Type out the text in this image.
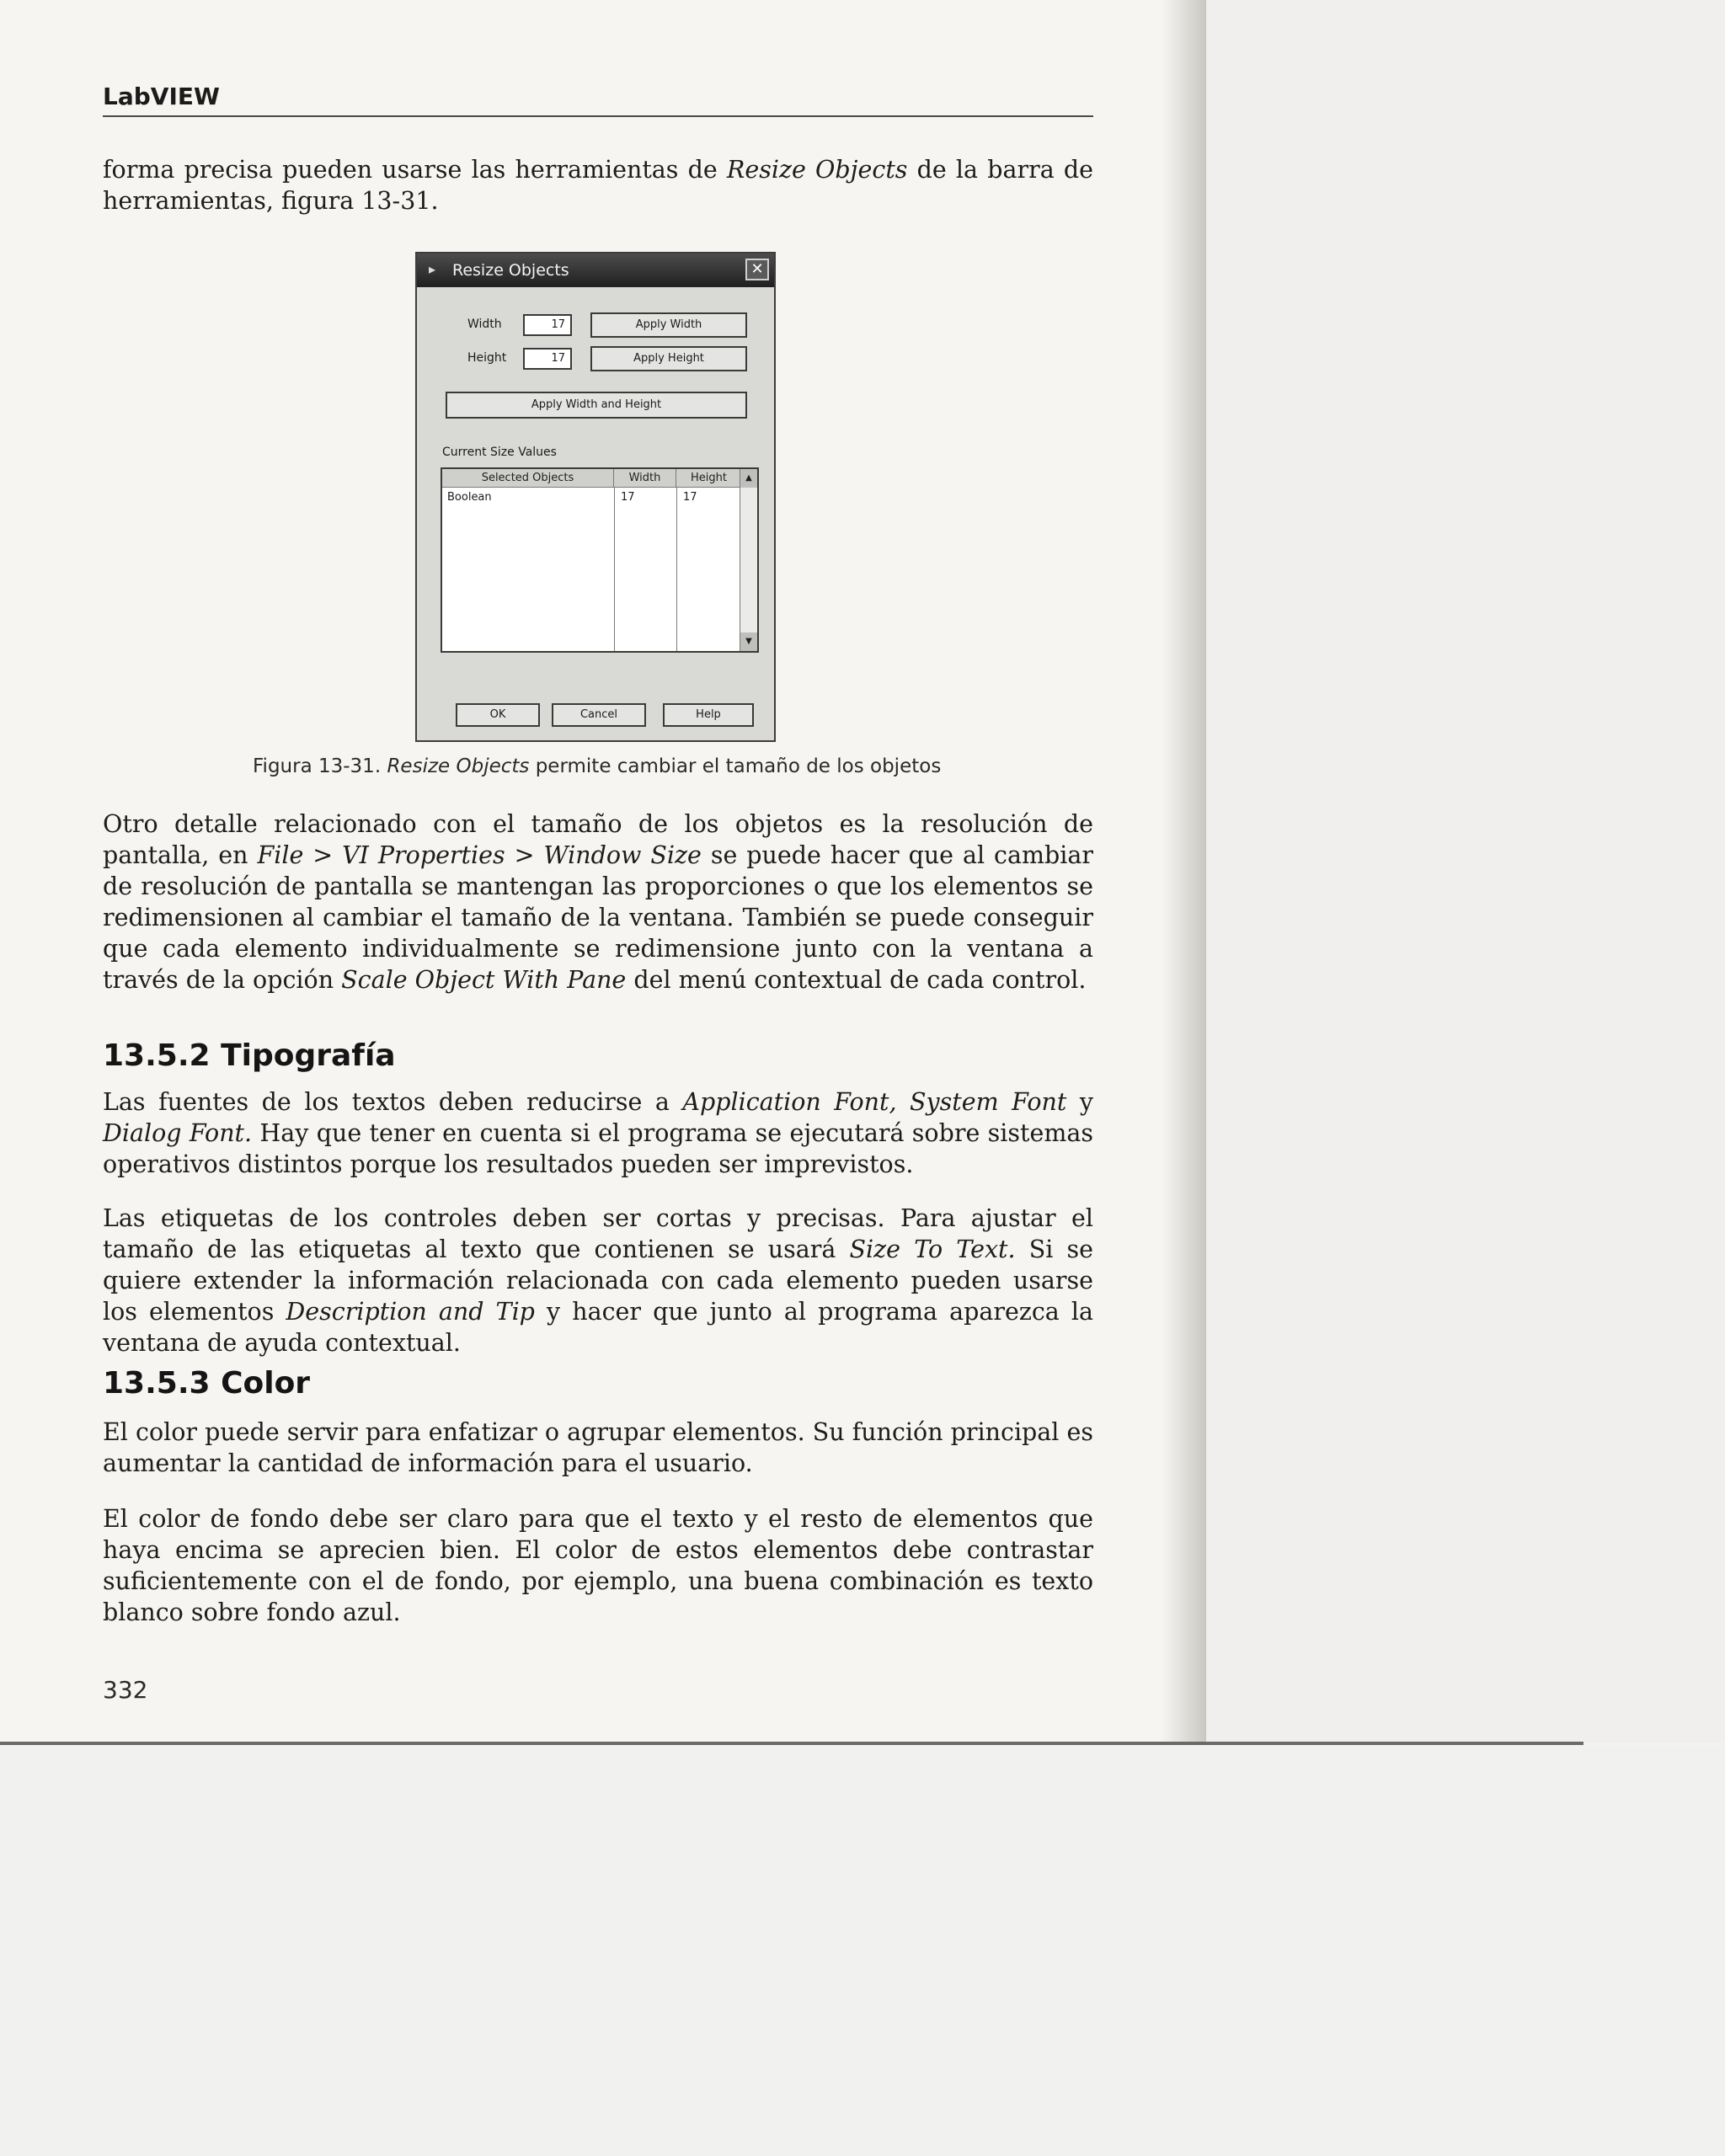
LabVIEW
forma precisa pueden usarse las herramientas de Resize Objects de la barra de herramientas, figura 13-31.
▸ Resize Objects	✕
Width	17	Apply Width
Height	17	Apply Height
Apply Width and Height
Current Size Values
Selected Objects	Width	Height
Boolean	17	17
▲
▼
OK	Cancel	Help
Figura 13-31. Resize Objects permite cambiar el tamaño de los objetos
Otro detalle relacionado con el tamaño de los objetos es la resolución de pantalla, en File > VI Properties > Window Size se puede hacer que al cambiar de resolución de pantalla se mantengan las proporciones o que los elementos se redimensionen al cambiar el tamaño de la ventana. También se puede conseguir que cada elemento individualmente se redimensione junto con la ventana a través de la opción Scale Object With Pane del menú contextual de cada control.
13.5.2 Tipografía
Las fuentes de los textos deben reducirse a Application Font, System Font y Dialog Font. Hay que tener en cuenta si el programa se ejecutará sobre sistemas operativos distintos porque los resultados pueden ser imprevistos.
Las etiquetas de los controles deben ser cortas y precisas. Para ajustar el tamaño de las etiquetas al texto que contienen se usará Size To Text. Si se quiere extender la información relacionada con cada elemento pueden usarse los elementos Description and Tip y hacer que junto al programa aparezca la ventana de ayuda contextual.
13.5.3 Color
El color puede servir para enfatizar o agrupar elementos. Su función principal es aumentar la cantidad de información para el usuario.
El color de fondo debe ser claro para que el texto y el resto de elementos que haya encima se aprecien bien. El color de estos elementos debe contrastar suficientemente con el de fondo, por ejemplo, una buena combinación es texto blanco sobre fondo azul.
332
